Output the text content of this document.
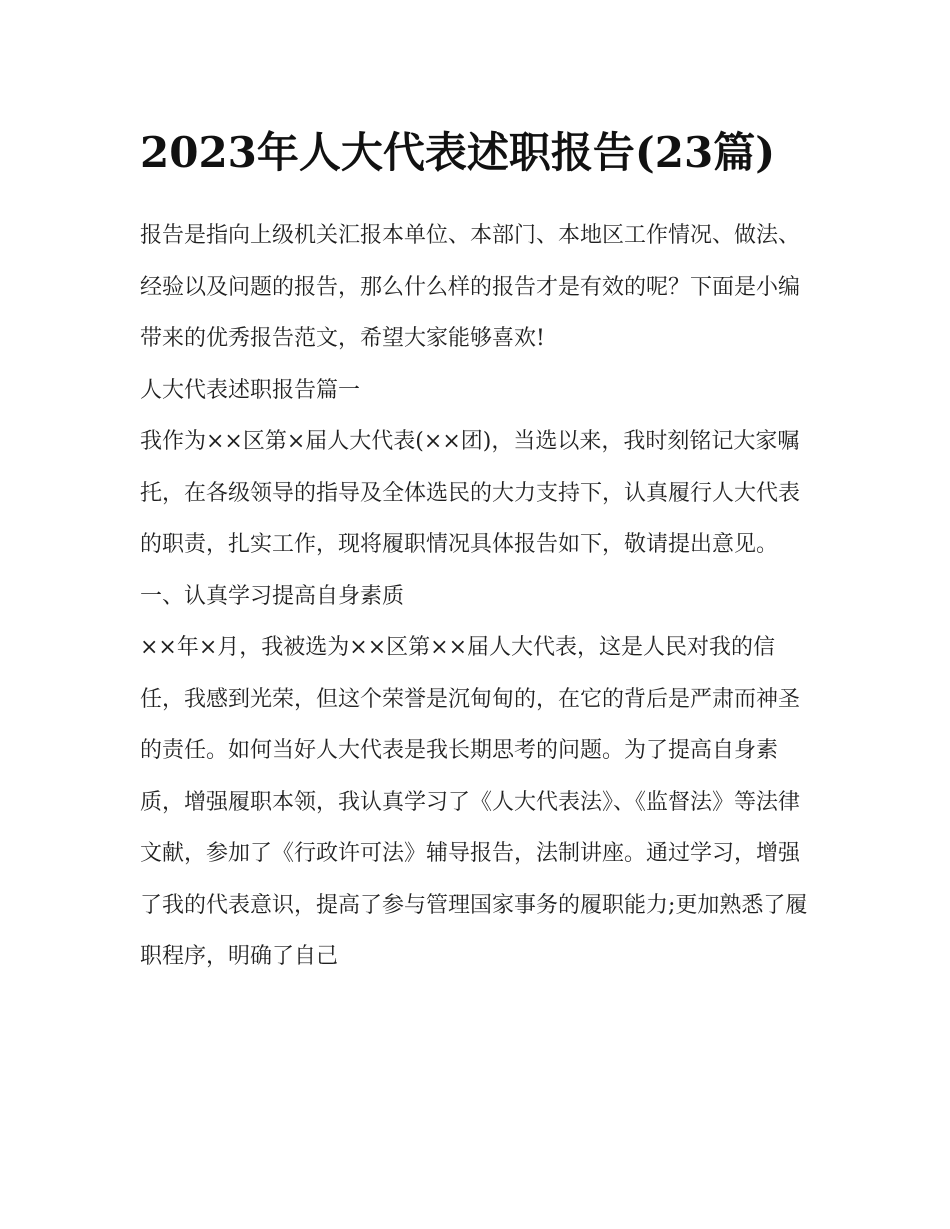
2023年人大代表述职报告(23篇)

报告是指向上级机关汇报本单位、本部门、本地区工作情况、做法、经验以及问题的报告，那么什么样的报告才是有效的呢？下面是小编带来的优秀报告范文，希望大家能够喜欢!

人大代表述职报告篇一

我作为××区第×届人大代表(××团)，当选以来，我时刻铭记大家嘱托，在各级领导的指导及全体选民的大力支持下，认真履行人大代表的职责，扎实工作，现将履职情况具体报告如下，敬请提出意见。

一、认真学习提高自身素质

××年×月，我被选为××区第××届人大代表，这是人民对我的信任，我感到光荣，但这个荣誉是沉甸甸的，在它的背后是严肃而神圣的责任。如何当好人大代表是我长期思考的问题。为了提高自身素质，增强履职本领，我认真学习了《人大代表法》、《监督法》等法律文献，参加了《行政许可法》辅导报告，法制讲座。通过学习，增强了我的代表意识，提高了参与管理国家事务的履职能力;更加熟悉了履职程序，明确了自己
